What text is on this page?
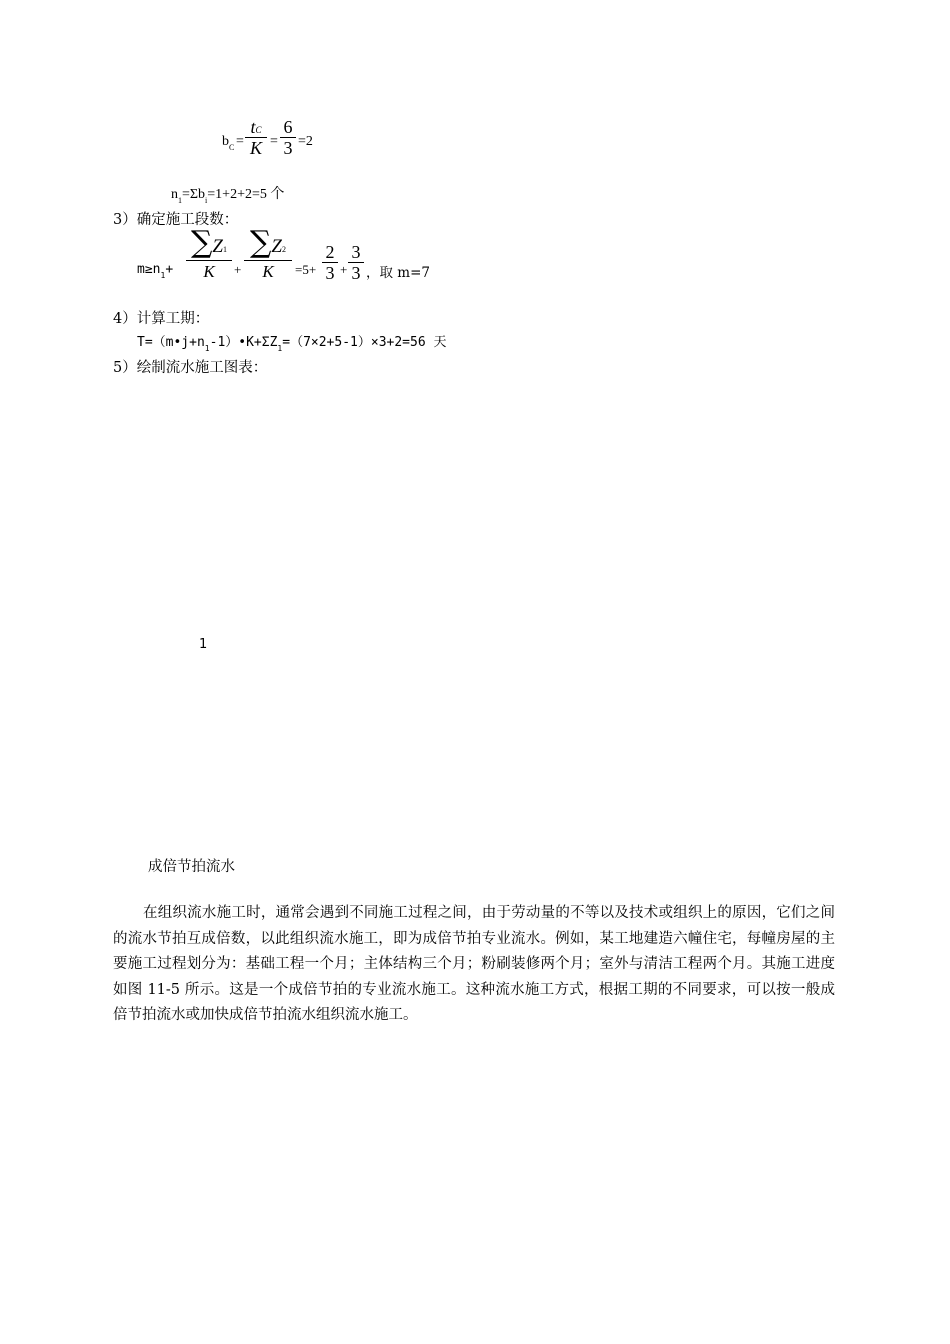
$b_C$ =
tC
K =
6
3 =2
$n_1=\Sigma b_i=1+2+2=5$ 个
3）确定施工段数：
$m\ge n_1+$
∑Z1
K	+
∑Z2
K	=5+
2
3 +
3
3 ，取 m=7
4）计算工期：
$T=(m•j+n_1-1)•K+\Sigma Z_1=(7\times 2+5-1)\times 3+2=56$ 天
5）绘制流水施工图表：
1
成倍节拍流水
在组织流水施工时，通常会遇到不同施工过程之间，由于劳动量的不等以及技术或组织上的原因，它们之间的流水节拍互成倍数，以此组织流水施工，即为成倍节拍专业流水。例如，某工地建造六幢住宅，每幢房屋的主要施工过程划分为：基础工程一个月；主体结构三个月；粉刷装修两个月；室外与清洁工程两个月。其施工进度如图 11-5 所示。这是一个成倍节拍的专业流水施工。这种流水施工方式，根据工期的不同要求，可以按一般成倍节拍流水或加快成倍节拍流水组织流水施工。
